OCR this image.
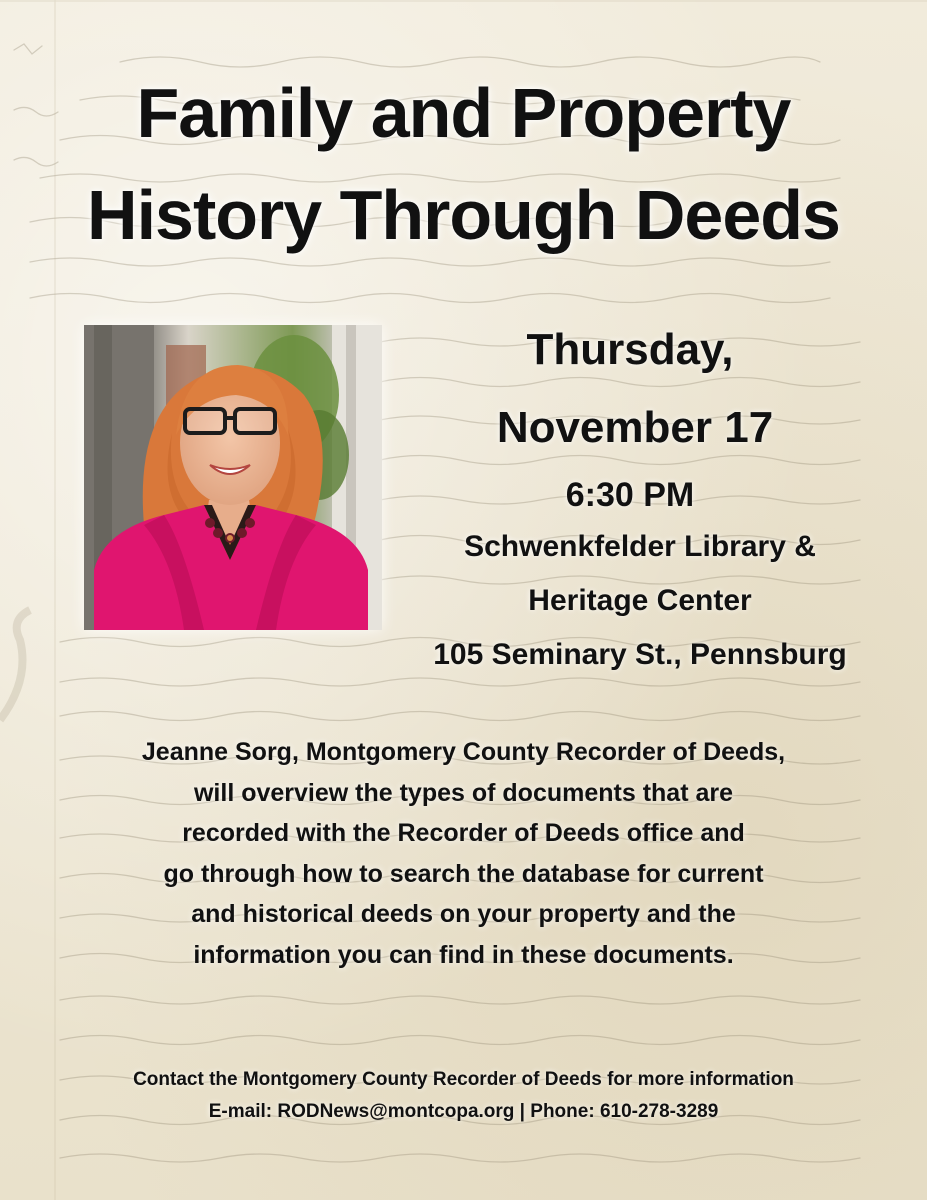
Family and Property
History Through Deeds
Thursday,
November 17
6:30 PM
Schwenkfelder Library &
Heritage Center
105 Seminary St., Pennsburg
Jeanne Sorg, Montgomery County Recorder of Deeds,
will overview the types of documents that are
recorded with the Recorder of Deeds office and
go through how to search the database for current
and historical deeds on your property and the
information you can find in these documents.
Contact the Montgomery County Recorder of Deeds for more information
E-mail: RODNews@montcopa.org | Phone: 610-278-3289
